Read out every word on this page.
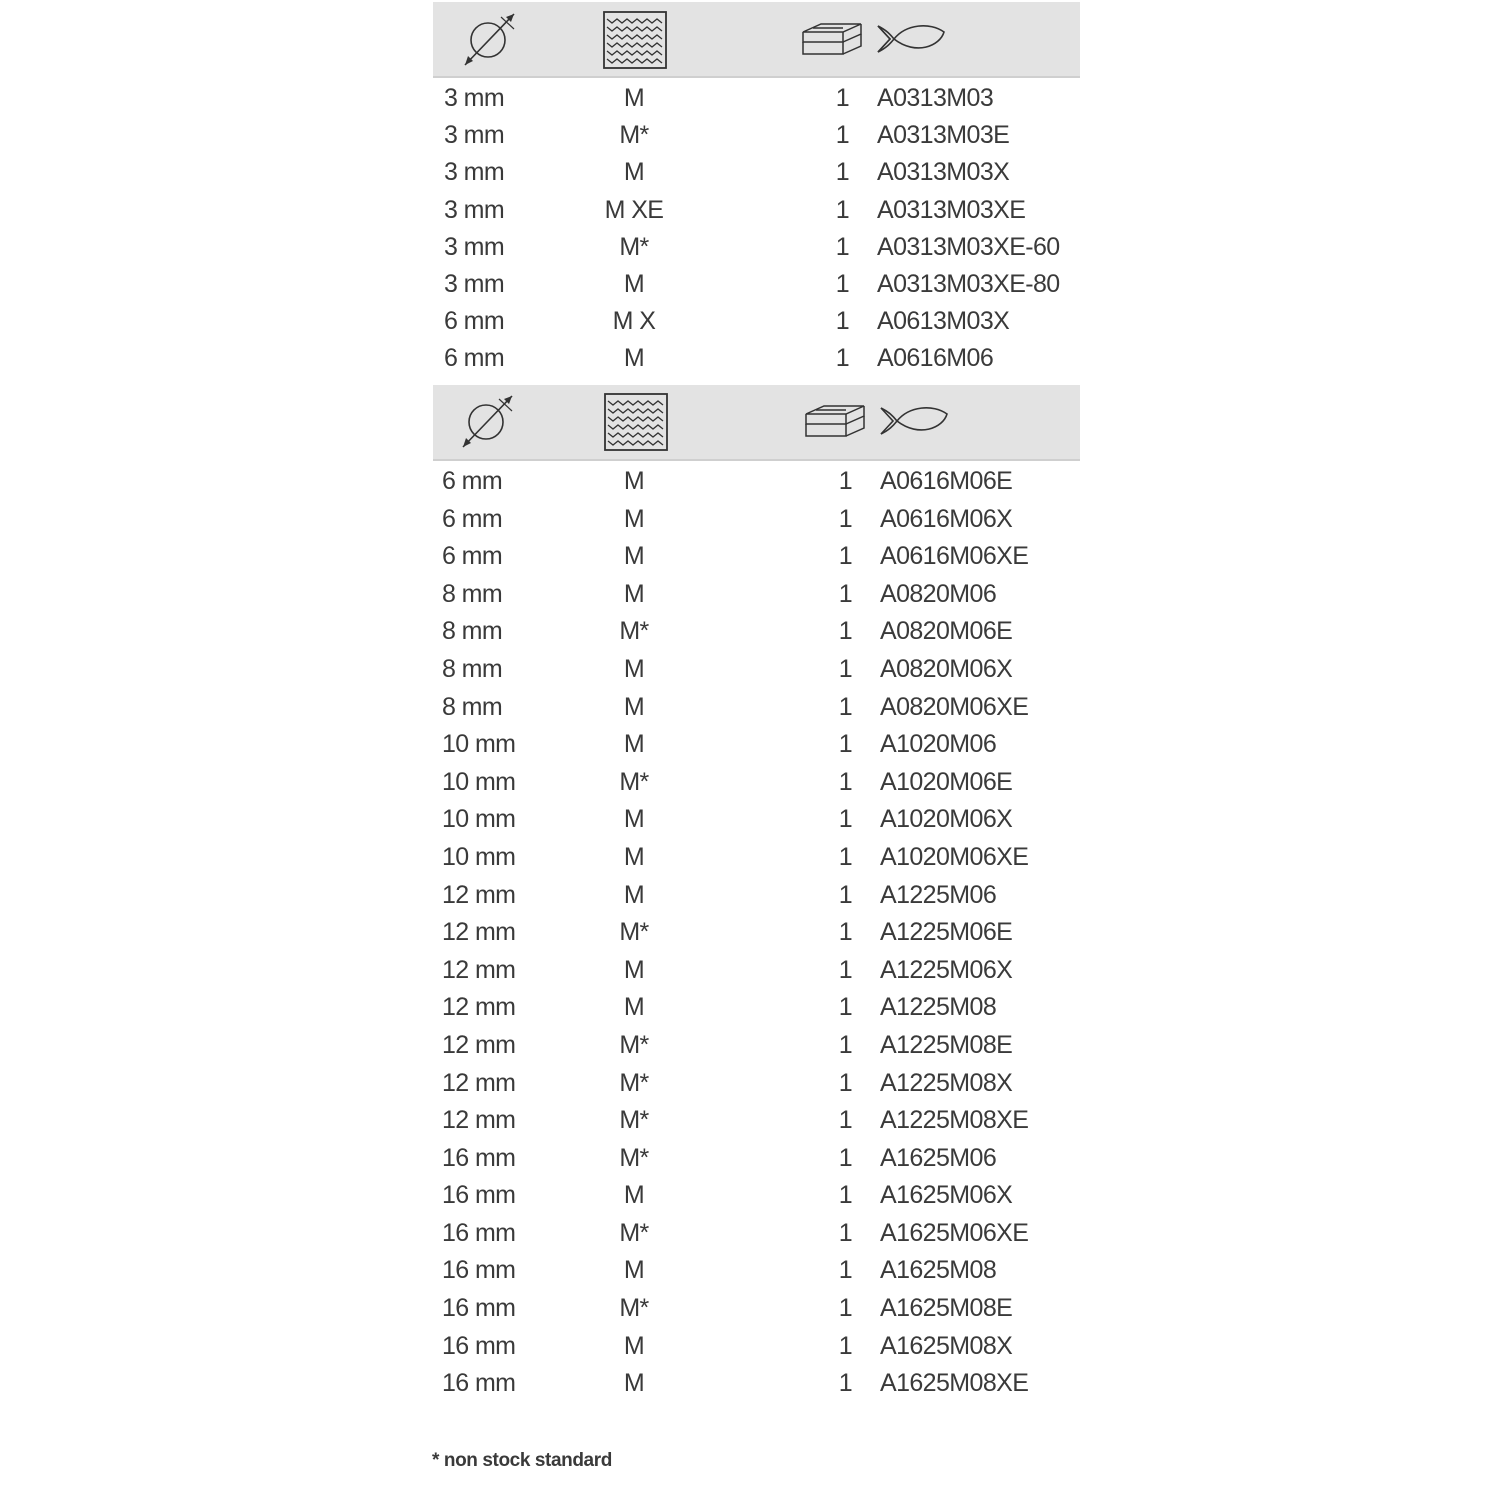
3 mm	M	1 A0313M03
3 mm	M*	1 A0313M03E
3 mm	M	1 A0313M03X
3 mm	M XE	1 A0313M03XE
3 mm	M*	1 A0313M03XE-60
3 mm	M	1 A0313M03XE-80
6 mm	M X	1 A0613M03X
6 mm	M	1 A0616M06
6 mm	M	1 A0616M06E
6 mm	M	1 A0616M06X
6 mm	M	1 A0616M06XE
8 mm	M	1 A0820M06
8 mm	M*	1 A0820M06E
8 mm	M	1 A0820M06X
8 mm	M	1 A0820M06XE
10 mm	M	1 A1020M06
10 mm	M*	1 A1020M06E
10 mm	M	1 A1020M06X
10 mm	M	1 A1020M06XE
12 mm	M	1 A1225M06
12 mm	M*	1 A1225M06E
12 mm	M	1 A1225M06X
12 mm	M	1 A1225M08
12 mm	M*	1 A1225M08E
12 mm	M*	1 A1225M08X
12 mm	M*	1 A1225M08XE
16 mm	M*	1 A1625M06
16 mm	M	1 A1625M06X
16 mm	M*	1 A1625M06XE
16 mm	M	1 A1625M08
16 mm	M*	1 A1625M08E
16 mm	M	1 A1625M08X
16 mm	M	1 A1625M08XE
* non stock standard
